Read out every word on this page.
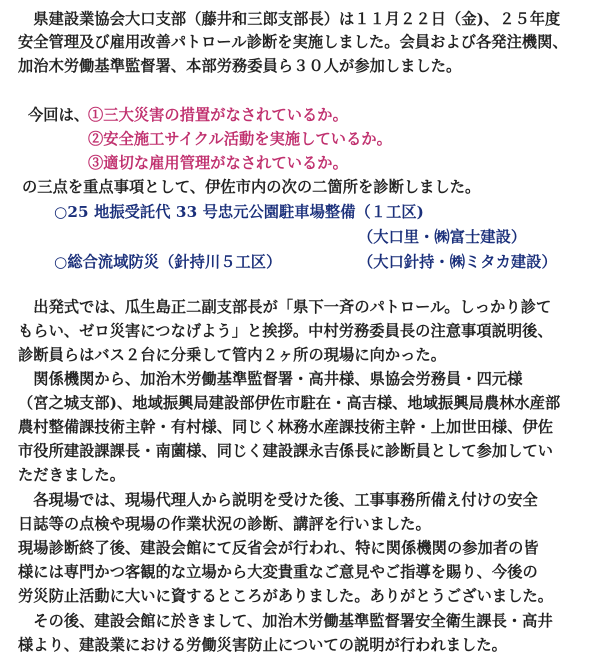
　県建設業協会大口支部（藤井和三郎支部長）は１１月２２日（金)、２５年度
安全管理及び雇用改善パトロール診断を実施しました。会員および各発注機関、
加治木労働基準監督署、本部労務委員ら３０人が参加しました。
今回は、
①三大災害の措置がなされているか。
②安全施工サイクル活動を実施しているか。
③適切な雇用管理がなされているか。
の三点を重点事項として、伊佐市内の次の二箇所を診断しました。
○25 地振受託代 33 号忠元公園駐車場整備（１工区)
（大口里・㈱富士建設）
○総合流域防災（針持川５工区）	（大口針持・㈱ミタカ建設）
　出発式では、瓜生島正二副支部長が「県下一斉のパトロール。しっかり診て
もらい、ゼロ災害につなげよう」と挨拶。中村労務委員長の注意事項説明後、
診断員らはバス２台に分乗して管内２ヶ所の現場に向かった。
　関係機関から、加治木労働基準監督署・高井様、県協会労務員・四元様
（宮之城支部)、地域振興局建設部伊佐市駐在・高吉様、地域振興局農林水産部
農村整備課技術主幹・有村様、同じく林務水産課技術主幹・上加世田様、伊佐
市役所建設課課長・南薗様、同じく建設課永吉係長に診断員として参加してい
ただきました。
　各現場では、現場代理人から説明を受けた後、工事事務所備え付けの安全
日誌等の点検や現場の作業状況の診断、講評を行いました。
現場診断終了後、建設会館にて反省会が行われ、特に関係機関の参加者の皆
様には専門かつ客観的な立場から大変貴重なご意見やご指導を賜り、今後の
労災防止活動に大いに資するところがありました。ありがとうございました。
　その後、建設会館に於きまして、加治木労働基準監督署安全衛生課長・高井
様より、建設業における労働災害防止についての説明が行われました。
